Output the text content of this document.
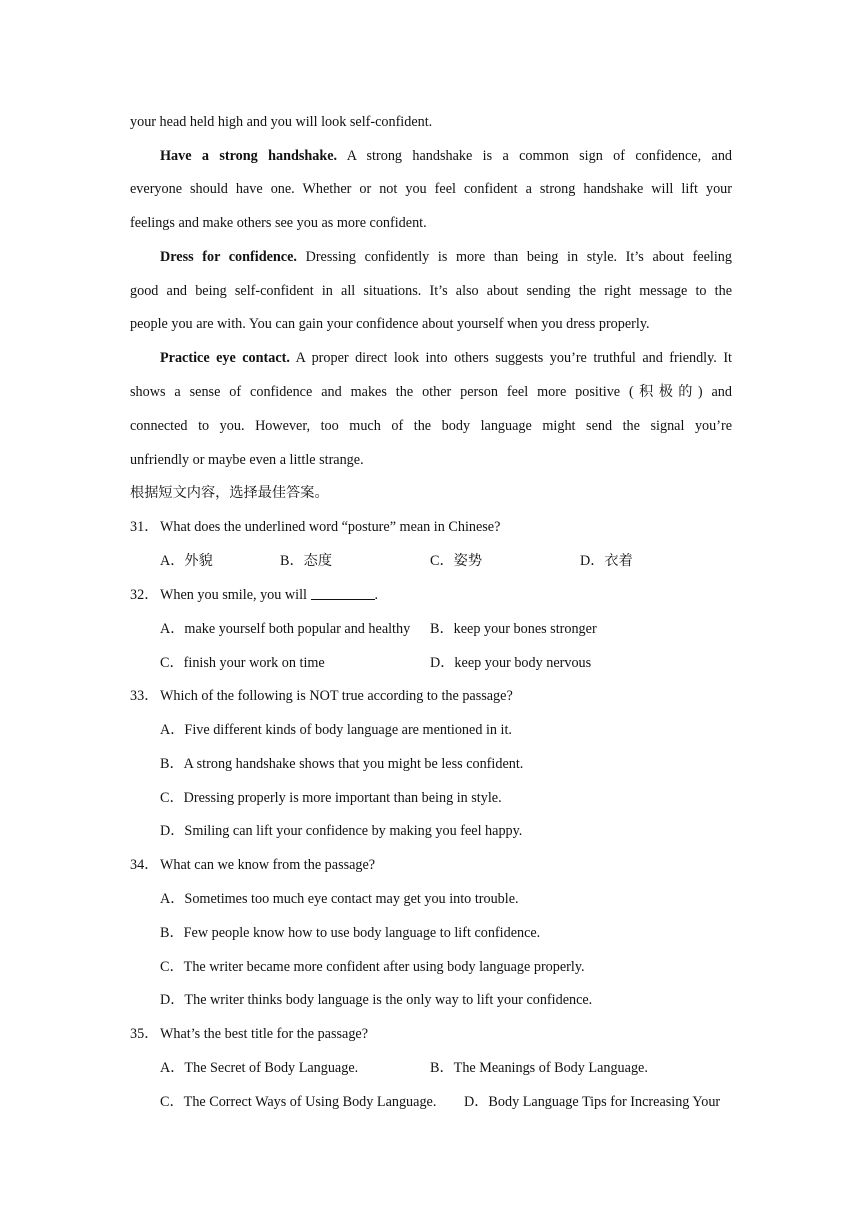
your head held high and you will look self-confident.
Have a strong handshake. A strong handshake is a common sign of confidence, and
everyone should have one. Whether or not you feel confident a strong handshake will lift your
feelings and make others see you as more confident.
Dress for confidence. Dressing confidently is more than being in style. It’s about feeling
good and being self-confident in all situations. It’s also about sending the right message to the
people you are with. You can gain your confidence about yourself when you dress properly.
Practice eye contact. A proper direct look into others suggests you’re truthful and friendly. It
shows a sense of confidence and makes the other person feel more positive (积极的) and
connected to you. However, too much of the body language might send the signal you’re
unfriendly or maybe even a little strange.
根据短文内容，选择最佳答案。
31． What does the underlined word “posture” mean in Chinese?
A．外貌	B．态度	C．姿势	D．衣着
32． When you smile, you will	.
A．make yourself both popular and healthy B．keep your bones stronger
C．finish your work on time	D．keep your body nervous
33． Which of the following is NOT true according to the passage?
A．Five different kinds of body language are mentioned in it.
B．A strong handshake shows that you might be less confident.
C．Dressing properly is more important than being in style.
D．Smiling can lift your confidence by making you feel happy.
34． What can we know from the passage?
A．Sometimes too much eye contact may get you into trouble.
B．Few people know how to use body language to lift confidence.
C．The writer became more confident after using body language properly.
D．The writer thinks body language is the only way to lift your confidence.
35． What’s the best title for the passage?
A．The Secret of Body Language.	B．The Meanings of Body Language.
C．The Correct Ways of Using Body Language. D．Body Language Tips for Increasing Your
